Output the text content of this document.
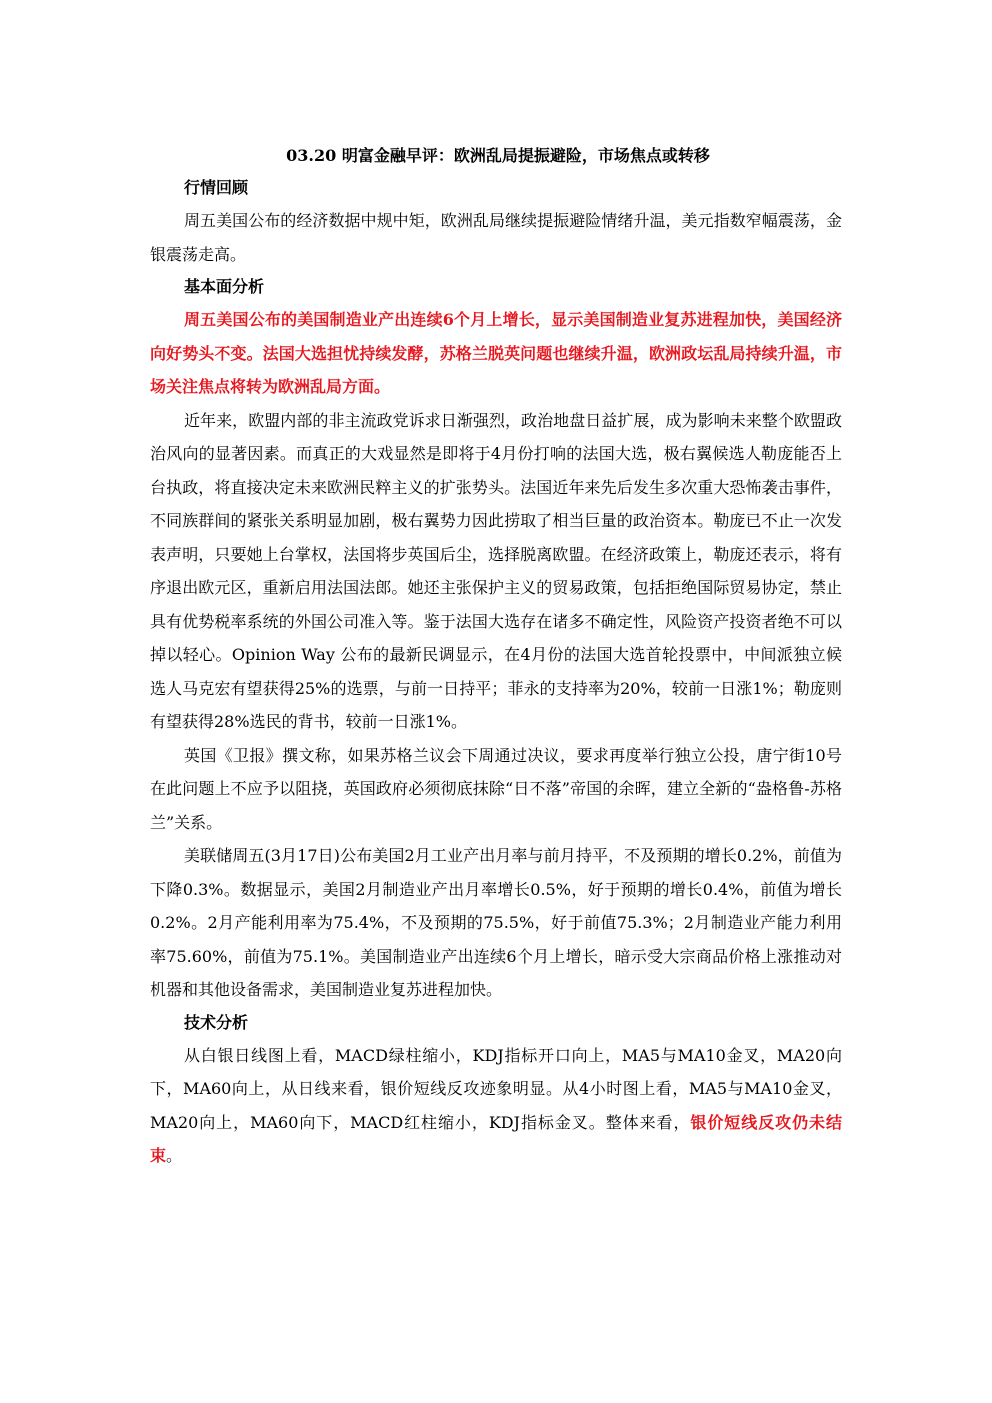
03.20 明富金融早评：欧洲乱局提振避险，市场焦点或转移
行情回顾

周五美国公布的经济数据中规中矩，欧洲乱局继续提振避险情绪升温，美元指数窄幅震荡，金银震荡走高。

基本面分析

周五美国公布的美国制造业产出连续6个月上增长，显示美国制造业复苏进程加快，美国经济向好势头不变。法国大选担忧持续发酵，苏格兰脱英问题也继续升温，欧洲政坛乱局持续升温，市场关注焦点将转为欧洲乱局方面。

近年来，欧盟内部的非主流政党诉求日渐强烈，政治地盘日益扩展，成为影响未来整个欧盟政治风向的显著因素。而真正的大戏显然是即将于4月份打响的法国大选，极右翼候选人勒庞能否上台执政，将直接决定未来欧洲民粹主义的扩张势头。法国近年来先后发生多次重大恐怖袭击事件，不同族群间的紧张关系明显加剧，极右翼势力因此捞取了相当巨量的政治资本。勒庞已不止一次发表声明，只要她上台掌权，法国将步英国后尘，选择脱离欧盟。在经济政策上，勒庞还表示，将有序退出欧元区，重新启用法国法郎。她还主张保护主义的贸易政策，包括拒绝国际贸易协定，禁止具有优势税率系统的外国公司准入等。鉴于法国大选存在诸多不确定性，风险资产投资者绝不可以掉以轻心。Opinion Way 公布的最新民调显示，在4月份的法国大选首轮投票中，中间派独立候选人马克宏有望获得25%的选票，与前一日持平；菲永的支持率为20%，较前一日涨1%；勒庞则有望获得28%选民的背书，较前一日涨1%。

英国《卫报》撰文称，如果苏格兰议会下周通过决议，要求再度举行独立公投，唐宁街10号在此问题上不应予以阻挠，英国政府必须彻底抹除“日不落”帝国的余晖，建立全新的“盎格鲁-苏格兰”关系。

美联储周五(3月17日)公布美国2月工业产出月率与前月持平，不及预期的增长0.2%，前值为下降0.3%。数据显示，美国2月制造业产出月率增长0.5%，好于预期的增长0.4%，前值为增长0.2%。2月产能利用率为75.4%，不及预期的75.5%，好于前值75.3%；2月制造业产能力利用率75.60%，前值为75.1%。美国制造业产出连续6个月上增长，暗示受大宗商品价格上涨推动对机器和其他设备需求，美国制造业复苏进程加快。

技术分析

从白银日线图上看，MACD绿柱缩小，KDJ指标开口向上，MA5与MA10金叉，MA20向下，MA60向上，从日线来看，银价短线反攻迹象明显。从4小时图上看，MA5与MA10金叉，MA20向上，MA60向下，MACD红柱缩小，KDJ指标金叉。整体来看，银价短线反攻仍未结束。
